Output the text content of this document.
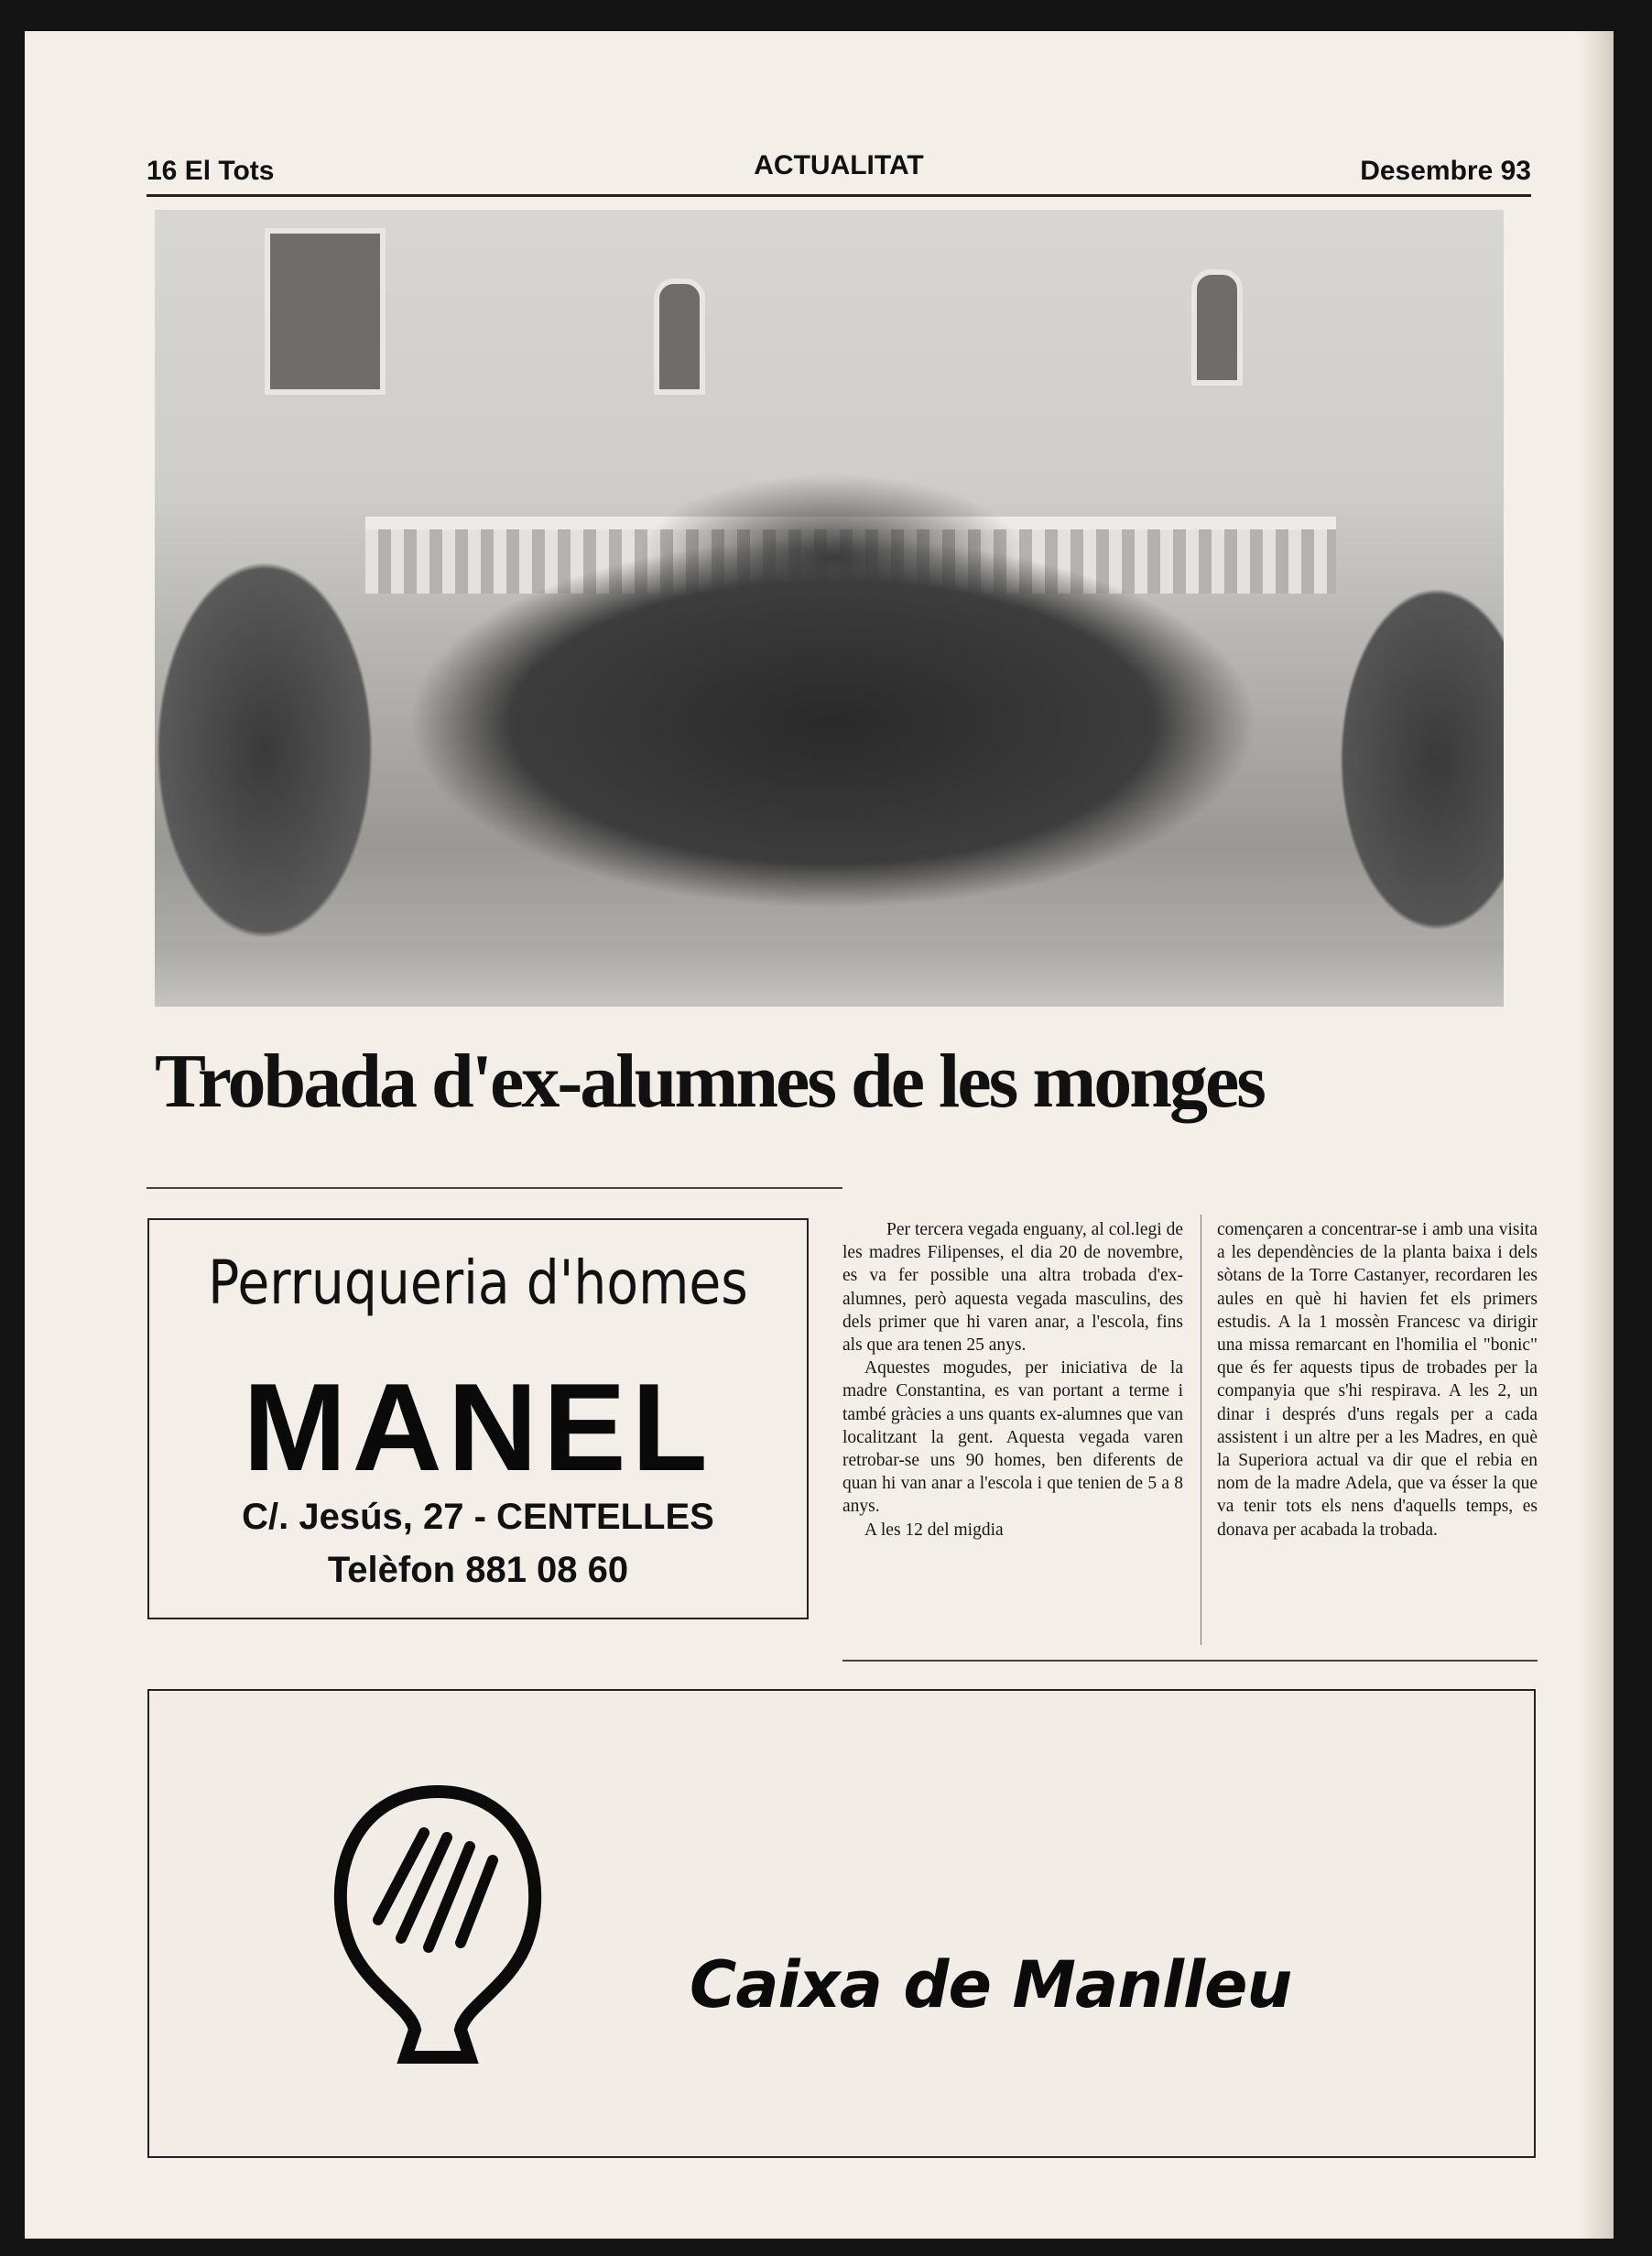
16 El Tots	ACTUALITAT	Desembre 93
Trobada d'ex-alumnes de les monges
Perruqueria d'homes
MANEL
C/. Jesús, 27 - CENTELLES
Telèfon 881 08 60

Per tercera vegada enguany, al col.legi de les madres Filipenses, el dia 20 de novembre, es va fer possible una altra trobada d'ex-alumnes, però aquesta vegada masculins, des dels primer que hi varen anar, a l'escola, fins als que ara tenen 25 anys.

Aquestes mogudes, per iniciativa de la madre Constantina, es van portant a terme i també gràcies a uns quants ex-alumnes que van localitzant la gent. Aquesta vegada varen retrobar-se uns 90 homes, ben diferents de quan hi van anar a l'escola i que tenien de 5 a 8 anys.

A les 12 del migdia

començaren a concentrar-se i amb una visita a les dependències de la planta baixa i dels sòtans de la Torre Castanyer, recordaren les aules en què hi havien fet els primers estudis. A la 1 mossèn Francesc va dirigir una missa remarcant en l'homilia el "bonic" que és fer aquests tipus de trobades per la companyia que s'hi respirava. A les 2, un dinar i després d'uns regals per a cada assistent i un altre per a les Madres, en què la Superiora actual va dir que el rebia en nom de la madre Adela, que va ésser la que va tenir tots els nens d'aquells temps, es donava per acabada la trobada.

Caixa de Manlleu
